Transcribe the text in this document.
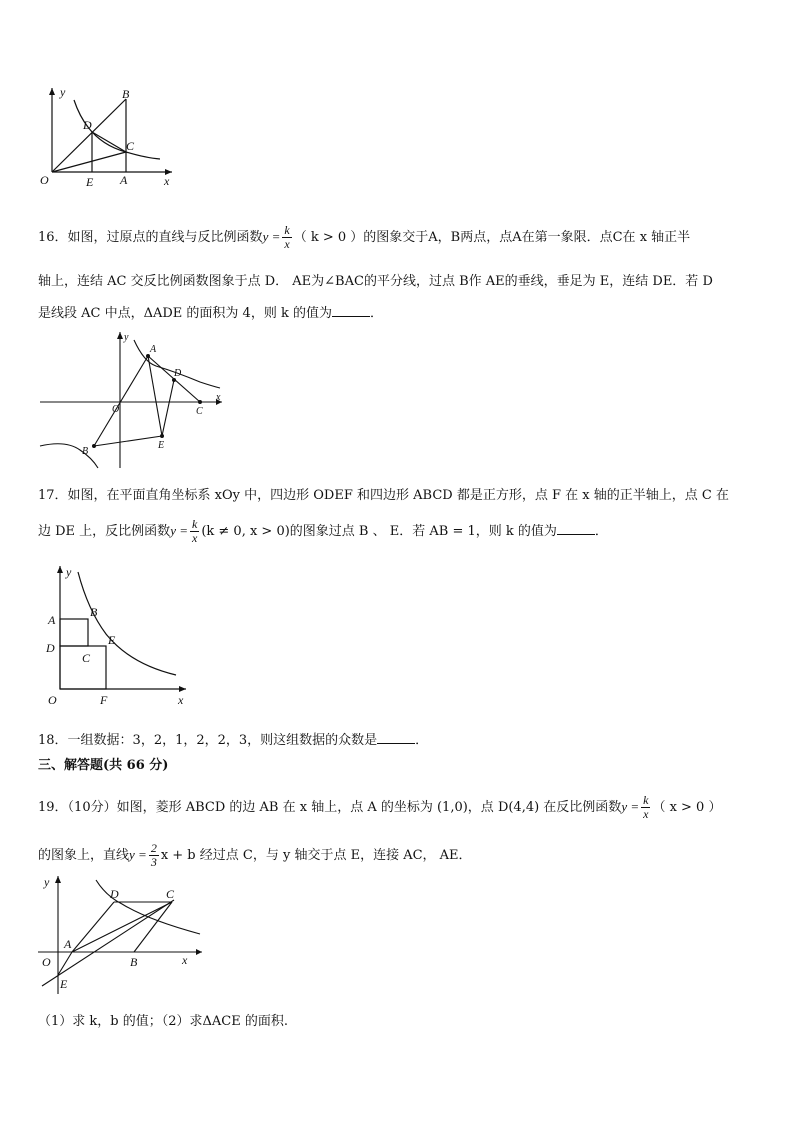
y	B
D
C
O	E A	x
16．如图，过原点的直线与反比例函数$y = \frac{k}{x}$ （ k > 0 ）的图象交于A，B两点，点A在第一象限．点C在 x 轴正半
轴上，连结 AC 交反比例函数图象于点 D． AE为∠BAC的平分线，过点 B作 AE的垂线，垂足为 E，连结 DE．若 D
是线段 AC 中点，ΔADE 的面积为 4，则 k 的值为	．
y
A
D
x
O	C
B
E
17．如图，在平面直角坐标系 xOy 中，四边形 ODEF 和四边形 ABCD 都是正方形，点 F 在 x 轴的正半轴上，点 C 在
边 DE 上，反比例函数$y = \frac{k}{x} (k \ne 0$, x > 0)的图象过点 B 、 E．若 AB = 1，则 k 的值为	．
y
A
B
E
D
C
O	F	x
18．一组数据：3，2，1，2，2，3，则这组数据的众数是	．
三、解答题(共 66 分)
19．（10分）如图，菱形 ABCD 的边 AB 在 x 轴上，点 A 的坐标为 (1,0)，点 D(4,4) 在反比例函数$y = \frac{k}{x}$ （ x > 0 ）
的图象上，直线$y = \frac{2}{3}$ x + b 经过点 C，与 y 轴交于点 E，连接 AC， AE．
y
D	C
A
O	B	x
E
（1）求 k，b 的值；（2）求ΔACE 的面积.
